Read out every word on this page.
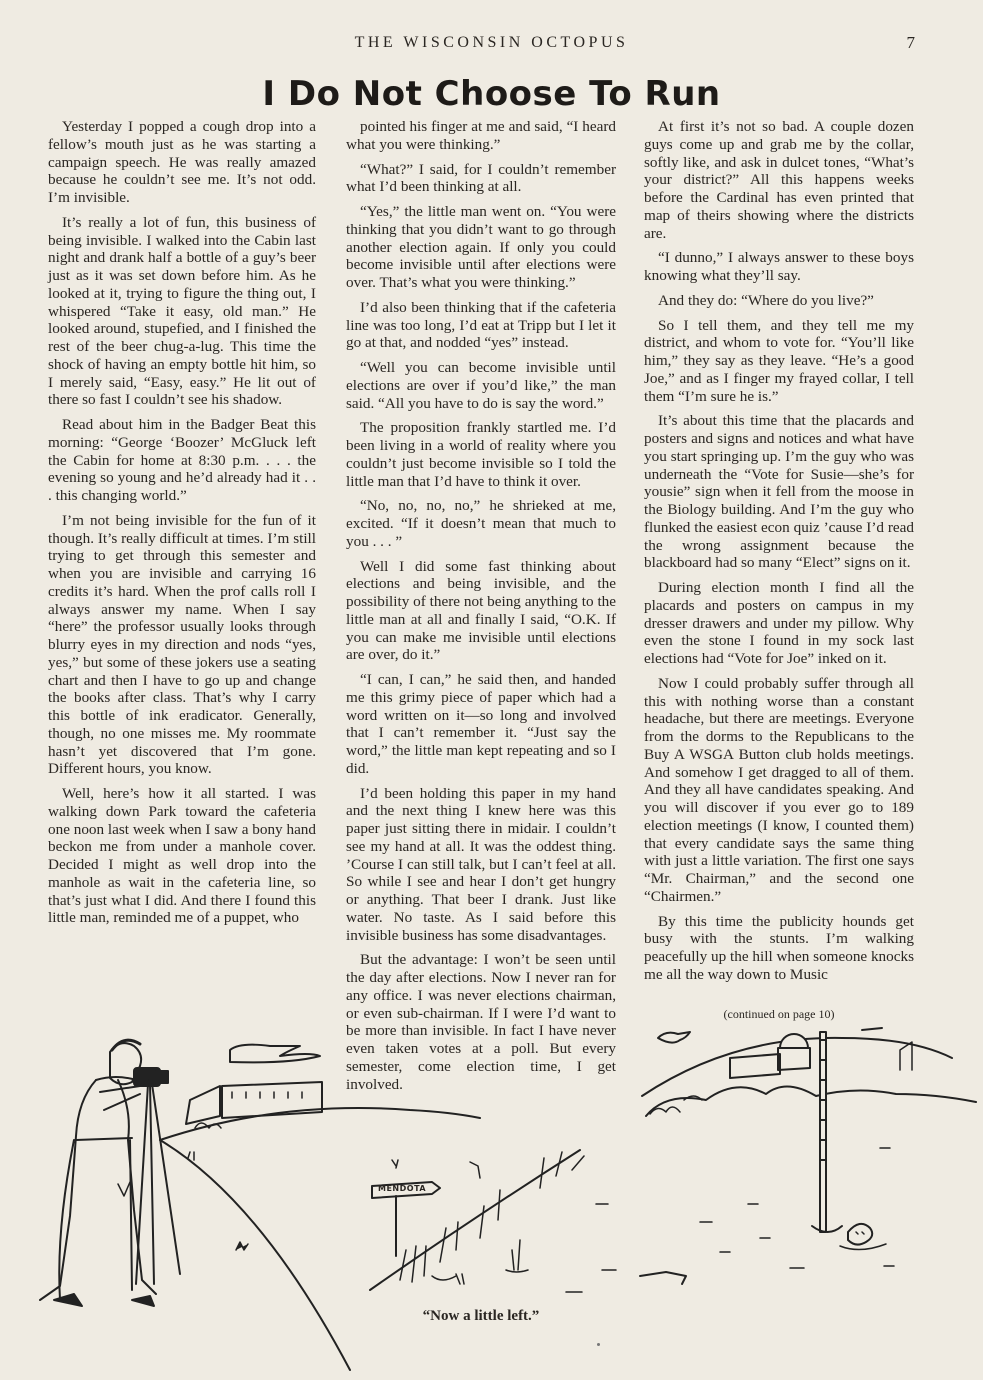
THE WISCONSIN OCTOPUS	7
I Do Not Choose To Run

Yesterday I popped a cough drop into a fellow’s mouth just as he was starting a campaign speech. He was really amazed because he couldn’t see me. It’s not odd. I’m invisible.

It’s really a lot of fun, this business of being invisible. I walked into the Cabin last night and drank half a bottle of a guy’s beer just as it was set down before him. As he looked at it, trying to figure the thing out, I whispered “Take it easy, old man.” He looked around, stupefied, and I finished the rest of the beer chug-a-lug. This time the shock of having an empty bottle hit him, so I merely said, “Easy, easy.” He lit out of there so fast I couldn’t see his shadow.

Read about him in the Badger Beat this morning: “George ‘Boozer’ McGluck left the Cabin for home at 8:30 p.m. . . . the evening so young and he’d already had it . . . this changing world.”

I’m not being invisible for the fun of it though. It’s really difficult at times. I’m still trying to get through this semester and when you are invisible and carrying 16 credits it’s hard. When the prof calls roll I always answer my name. When I say “here” the professor usually looks through blurry eyes in my direction and nods “yes, yes,” but some of these jokers use a seating chart and then I have to go up and change the books after class. That’s why I carry this bottle of ink eradicator. Generally, though, no one misses me. My roommate hasn’t yet discovered that I’m gone. Different hours, you know.

Well, here’s how it all started. I was walking down Park toward the cafeteria one noon last week when I saw a bony hand beckon me from under a manhole cover. Decided I might as well drop into the manhole as wait in the cafeteria line, so that’s just what I did. And there I found this little man, reminded me of a puppet, who

pointed his finger at me and said, “I heard what you were thinking.”

“What?” I said, for I couldn’t remember what I’d been thinking at all.

“Yes,” the little man went on. “You were thinking that you didn’t want to go through another election again. If only you could become invisible until after elections were over. That’s what you were thinking.”

I’d also been thinking that if the cafeteria line was too long, I’d eat at Tripp but I let it go at that, and nodded “yes” instead.

“Well you can become invisible until elections are over if you’d like,” the man said. “All you have to do is say the word.”

The proposition frankly startled me. I’d been living in a world of reality where you couldn’t just become invisible so I told the little man that I’d have to think it over.

“No, no, no, no,” he shrieked at me, excited. “If it doesn’t mean that much to you . . . ”

Well I did some fast thinking about elections and being invisible, and the possibility of there not being anything to the little man at all and finally I said, “O.K. If you can make me invisible until elections are over, do it.”

“I can, I can,” he said then, and handed me this grimy piece of paper which had a word written on it—so long and involved that I can’t remember it. “Just say the word,” the little man kept repeating and so I did.

I’d been holding this paper in my hand and the next thing I knew here was this paper just sitting there in midair. I couldn’t see my hand at all. It was the oddest thing. ’Course I can still talk, but I can’t feel at all. So while I see and hear I don’t get hungry or anything. That beer I drank. Just like water. No taste. As I said before this invisible business has some disadvantages.

But the advantage: I won’t be seen until the day after elections. Now I never ran for any office. I was never elections chairman, or even sub-chairman. If I were I’d want to be more than invisible. In fact I have never even taken votes at a poll. But every semester, come election time, I get involved.

At first it’s not so bad. A couple dozen guys come up and grab me by the collar, softly like, and ask in dulcet tones, “What’s your district?” All this happens weeks before the Cardinal has even printed that map of theirs showing where the districts are.

“I dunno,” I always answer to these boys knowing what they’ll say.

And they do: “Where do you live?”

So I tell them, and they tell me my district, and whom to vote for. “You’ll like him,” they say as they leave. “He’s a good Joe,” and as I finger my frayed collar, I tell them “I’m sure he is.”

It’s about this time that the placards and posters and signs and notices and what have you start springing up. I’m the guy who was underneath the “Vote for Susie—she’s for yousie” sign when it fell from the moose in the Biology building. And I’m the guy who flunked the easiest econ quiz ’cause I’d read the wrong assignment because the blackboard had so many “Elect” signs on it.

During election month I find all the placards and posters on campus in my dresser drawers and under my pillow. Why even the stone I found in my sock last elections had “Vote for Joe” inked on it.

Now I could probably suffer through all this with nothing worse than a constant headache, but there are meetings. Everyone from the dorms to the Republicans to the Buy A WSGA Button club holds meetings. And somehow I get dragged to all of them. And they all have candidates speaking. And you will discover if you ever go to 189 election meetings (I know, I counted them) that every candidate says the same thing with just a little variation. The first one says “Mr. Chairman,” and the second one “Chairmen.”

By this time the publicity hounds get busy with the stunts. I’m walking peacefully up the hill when someone knocks me all the way down to Music

(continued on page 10)
MENDOTA
“Now a little left.”
